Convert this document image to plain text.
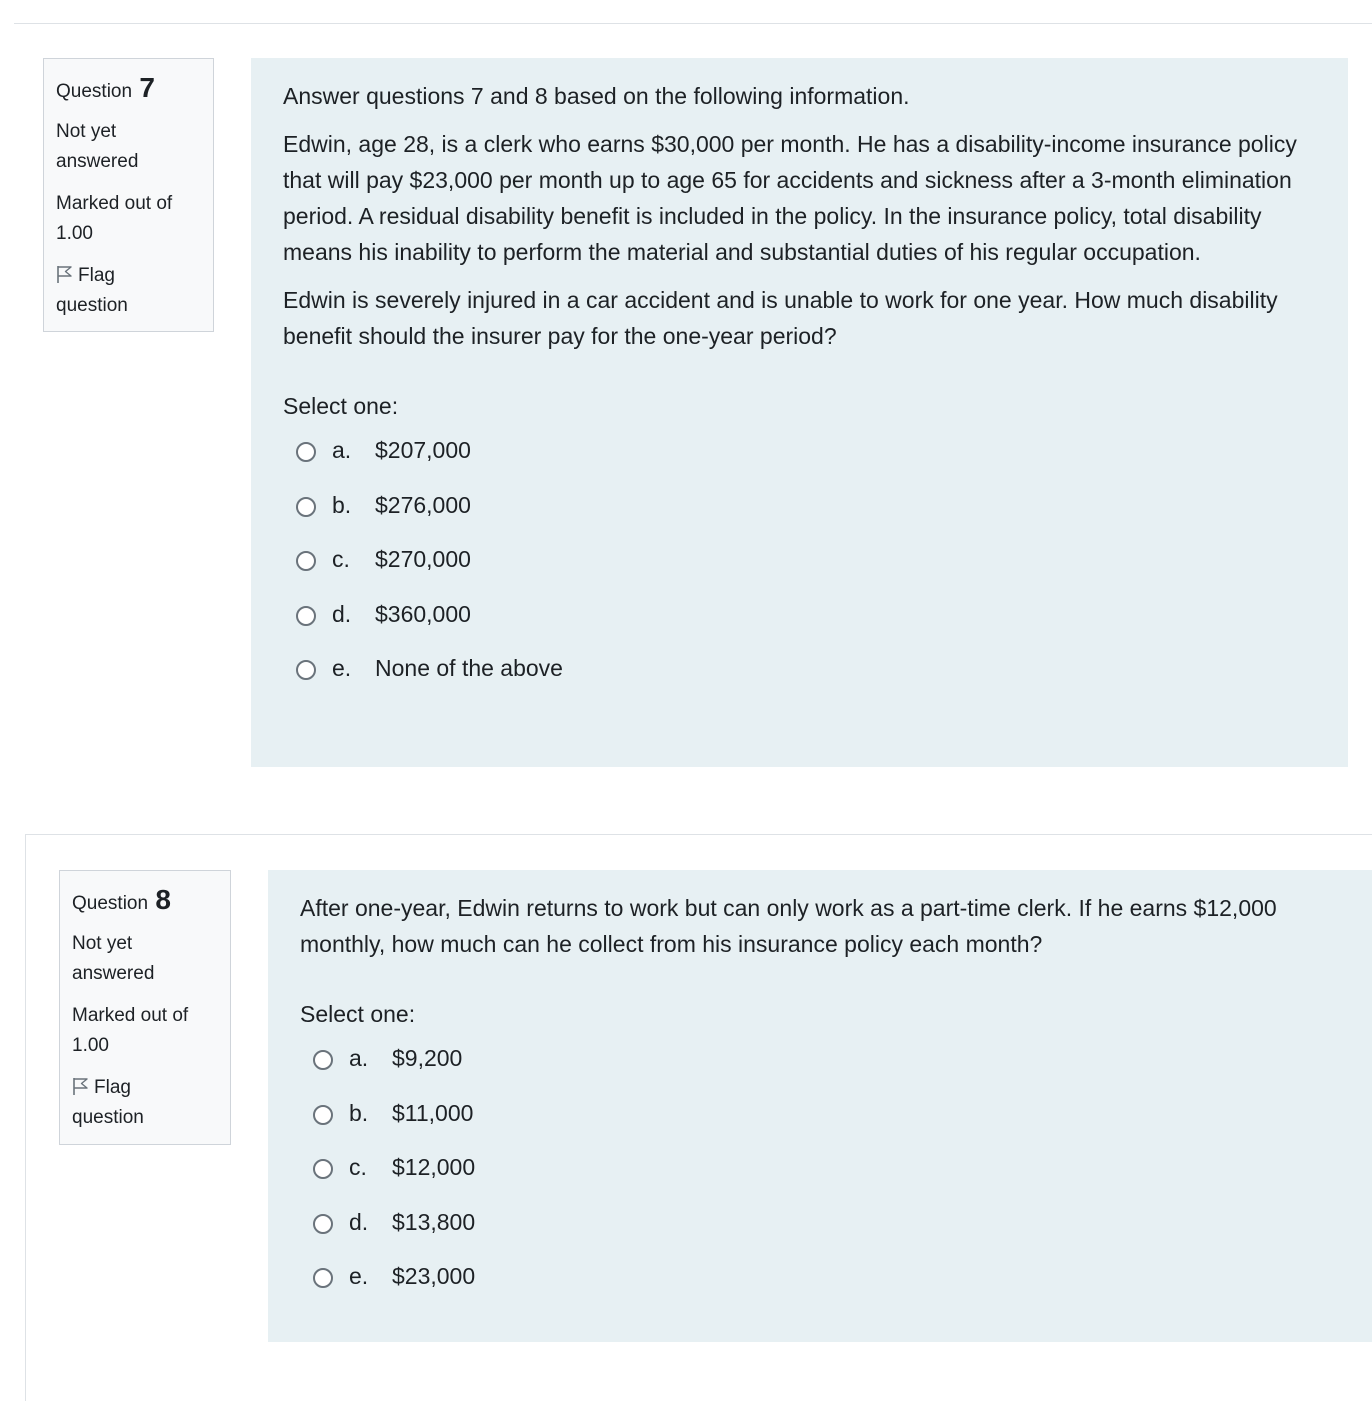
Question 7
Not yet
answered
Marked out of
1.00
Flag
question

Answer questions 7 and 8 based on the following information.

Edwin, age 28, is a clerk who earns $30,000 per month. He has a disability-income insurance policy that will pay $23,000 per month up to age 65 for accidents and sickness after a 3-month elimination period. A residual disability benefit is included in the policy. In the insurance policy, total disability means his inability to perform the material and substantial duties of his regular occupation.

Edwin is severely injured in a car accident and is unable to work for one year. How much disability benefit should the insurer pay for the one-year period?

Select one:
a. $207,000
b. $276,000
c. $270,000
d. $360,000
e. None of the above
Question 8
Not yet
answered
Marked out of
1.00
Flag
question

After one-year, Edwin returns to work but can only work as a part-time clerk. If he earns $12,000 monthly, how much can he collect from his insurance policy each month?

Select one:
a. $9,200
b. $11,000
c. $12,000
d. $13,800
e. $23,000
